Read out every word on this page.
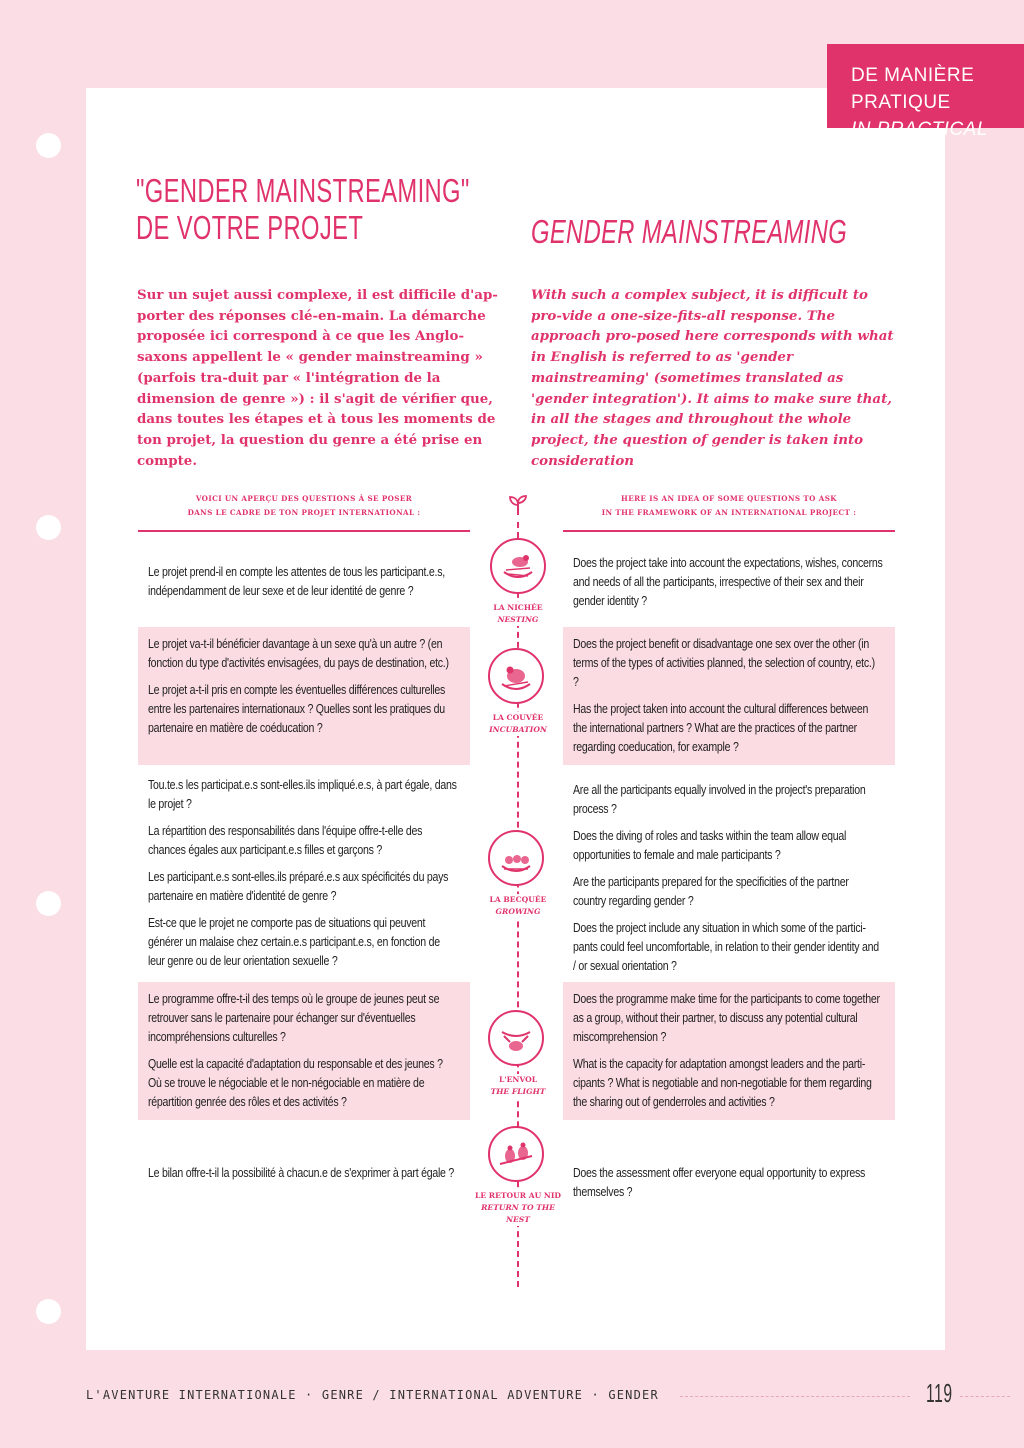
DE MANIÈRE PRATIQUE
IN PRACTICAL TERMS
"GENDER MAINSTREAMING"
DE VOTRE PROJET	GENDER MAINSTREAMING
Sur un sujet aussi complexe, il est difficile d'ap-porter des réponses clé-en-main. La démarche proposée ici correspond à ce que les Anglo-saxons appellent le « gender mainstreaming » (parfois tra-duit par « l'intégration de la dimension de genre ») : il s'agit de vérifier que, dans toutes les étapes et à tous les moments de ton projet, la question du genre a été prise en compte.
With such a complex subject, it is difficult to pro-vide a one-size-fits-all response. The approach pro-posed here corresponds with what in English is referred to as 'gender mainstreaming' (sometimes translated as 'gender integration'). It aims to make sure that, in all the stages and throughout the whole project, the question of gender is taken into consideration
VOICI UN APERÇU DES QUESTIONS À SE POSER
DANS LE CADRE DE TON PROJET INTERNATIONAL :
HERE IS AN IDEA OF SOME QUESTIONS TO ASK
IN THE FRAMEWORK OF AN INTERNATIONAL PROJECT :
LA NICHÉE
NESTING
LA COUVÉE
INCUBATION
LA BECQUÉE
GROWING
L'ENVOL
THE FLIGHT
LE RETOUR AU NID
RETURN TO THE NEST
Le projet prend-il en compte les attentes de tous les participant.e.s, indépendamment de leur sexe et de leur identité de genre ?
Le projet va-t-il bénéficier davantage à un sexe qu'à un autre ? (en fonction du type d'activités envisagées, du pays de destination, etc.)
Le projet a-t-il pris en compte les éventuelles différences culturelles entre les partenaires internationaux ? Quelles sont les pratiques du partenaire en matière de coéducation ?
Tou.te.s les participat.e.s sont-elles.ils impliqué.e.s, à part égale, dans le projet ?
La répartition des responsabilités dans l'équipe offre-t-elle des chances égales aux participant.e.s filles et garçons ?
Les participant.e.s sont-elles.ils préparé.e.s aux spécificités du pays partenaire en matière d'identité de genre ?
Est-ce que le projet ne comporte pas de situations qui peuvent générer un malaise chez certain.e.s participant.e.s, en fonction de leur genre ou de leur orientation sexuelle ?
Le programme offre-t-il des temps où le groupe de jeunes peut se retrouver sans le partenaire pour échanger sur d'éventuelles incompréhensions culturelles ?
Quelle est la capacité d'adaptation du responsable et des jeunes ? Où se trouve le négociable et le non-négociable en matière de répartition genrée des rôles et des activités ?
Le bilan offre-t-il la possibilité à chacun.e de s'exprimer à part égale ?
Does the project take into account the expectations, wishes, concerns and needs of all the participants, irrespective of their sex and their gender identity ?
Does the project benefit or disadvantage one sex over the other (in terms of the types of activities planned, the selection of country, etc.) ?
Has the project taken into account the cultural differences between the international partners ? What are the practices of the partner regarding coeducation, for example ?
Are all the participants equally involved in the project's preparation process ?
Does the diving of roles and tasks within the team allow equal opportunities to female and male participants ?
Are the participants prepared for the specificities of the partner country regarding gender ?
Does the project include any situation in which some of the partici-pants could feel uncomfortable, in relation to their gender identity and / or sexual orientation ?
Does the programme make time for the participants to come together as a group, without their partner, to discuss any potential cultural miscomprehension ?
What is the capacity for adaptation amongst leaders and the parti-cipants ? What is negotiable and non-negotiable for them regarding the sharing out of genderroles and activities ?
Does the assessment offer everyone equal opportunity to express themselves ?
L'AVENTURE INTERNATIONALE · GENRE / INTERNATIONAL ADVENTURE · GENDER	119
